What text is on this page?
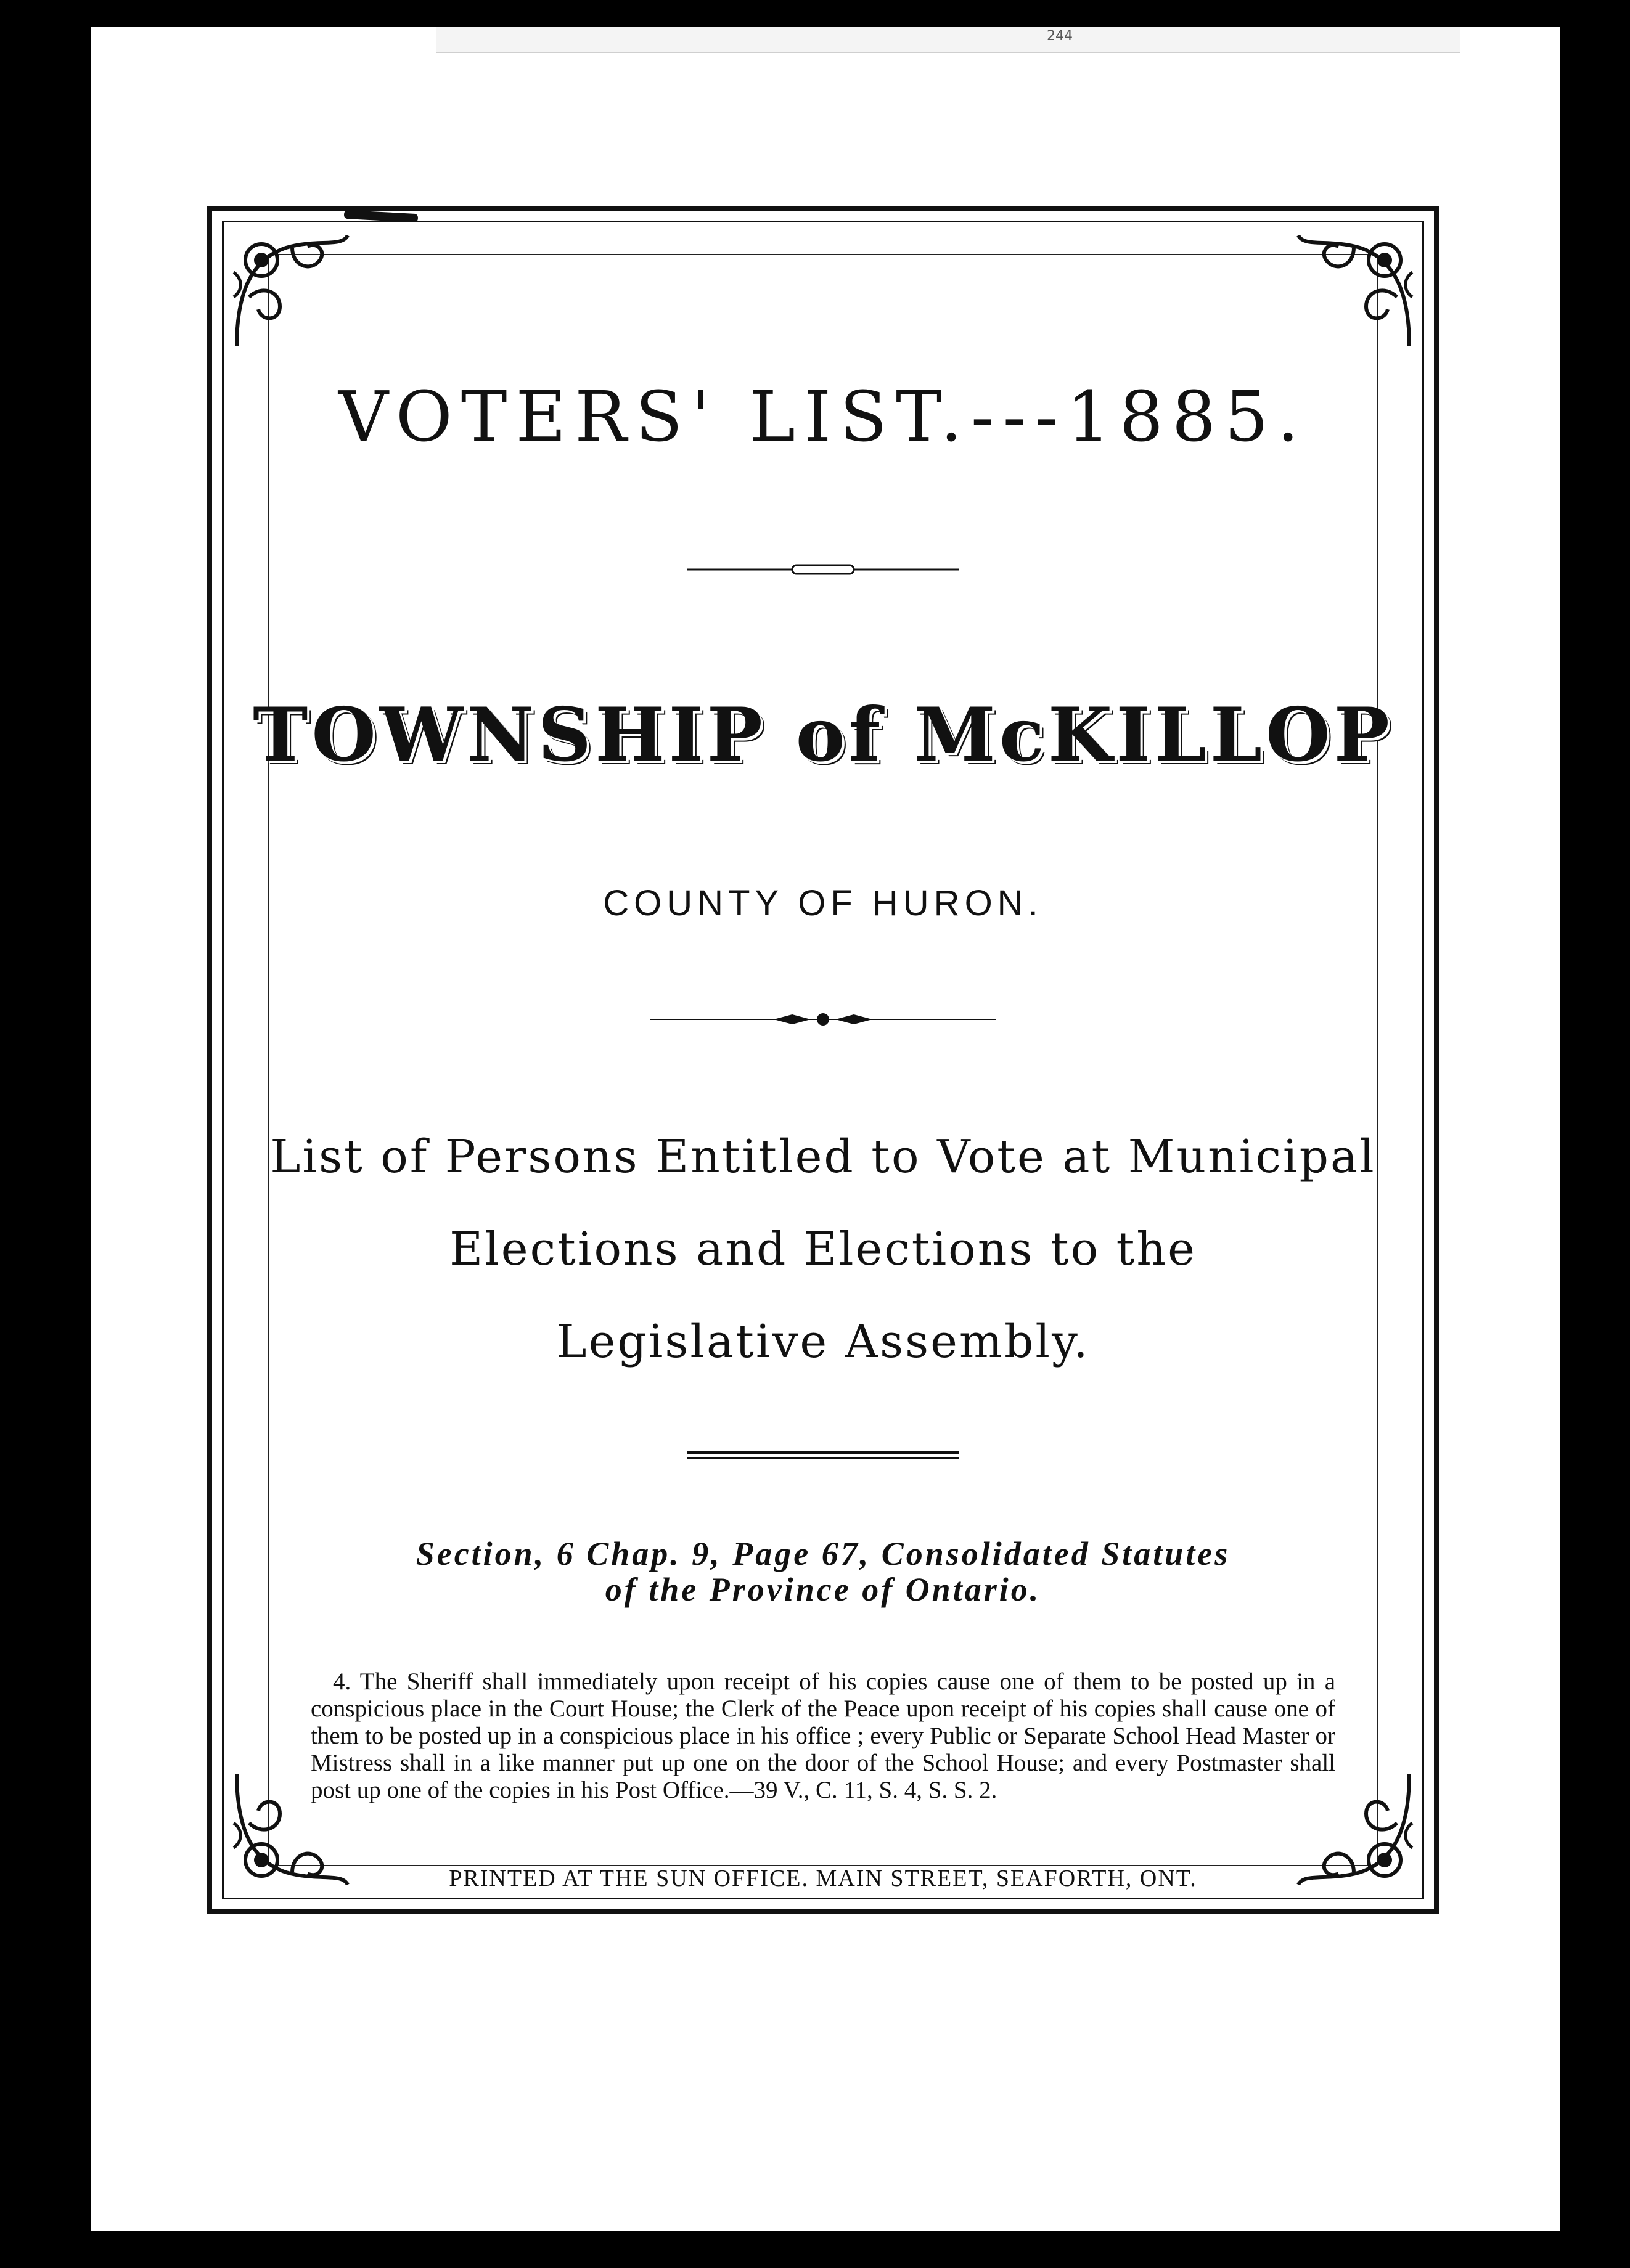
244
VOTERS' LIST.---1885.
TOWNSHIP of McKILLOP
COUNTY OF HURON.
List of Persons Entitled to Vote at Municipal
Elections and Elections to the
Legislative Assembly.
Section, 6 Chap. 9, Page 67, Consolidated Statutes
of the Province of Ontario.
4. The Sheriff shall immediately upon receipt of his copies cause one of them to be posted up in a conspicious place in the Court House; the Clerk of the Peace upon receipt of his copies shall cause one of them to be posted up in a conspicious place in his office ; every Public or Separate School Head Master or Mistress shall in a like manner put up one on the door of the School House; and every Postmaster shall post up one of the copies in his Post Office.—39 V., C. 11, S. 4, S. S. 2.
PRINTED AT THE SUN OFFICE. MAIN STREET, SEAFORTH, ONT.
